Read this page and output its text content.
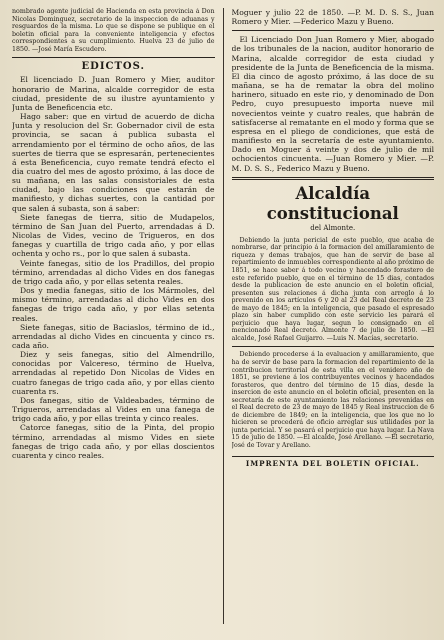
nombrado agente judicial de Hacienda en esta provincia á Don Nicolas Dominguez, secretario de la inspeccion de aduanas y resguardos de la misma. Lo que se dispone se publique en el boletin oficial para la conveniente inteligencia y efectos correspondientes a su cumplimiento. Huelva 23 de julio de 1850. —José María Escudero.

EDICTOS.

El licenciado D. Juan Romero y Mier, auditor honorario de Marina, alcalde corregidor de esta ciudad, presidente de su ilustre ayuntamiento y Junta de Beneficencia etc.

Hago saber: que en virtud de acuerdo de dicha Junta y resolucion del Sr. Gobernador civil de esta provincia, se sacan á publica subasta el arrendamiento por el término de ocho años, de las suertes de tierra que se espresarán, pertenecientes á esta Beneficencia, cuyo remate tendrá efecto el dia cuatro del mes de agosto próximo, á las doce de su mañana, en las salas consistoriales de esta ciudad, bajo las condiciones que estarán de manifiesto, y dichas suertes, con la cantidad por que salen á subasta, son á saber:

Siete fanegas de tierra, sitio de Mudapelos, término de San Juan del Puerto, arrendadas á D. Nicolas de Vides, vecino de Trigueros, en dos fanegas y cuartilla de trigo cada año, y por ellas ochenta y ocho rs., por lo que salen á subasta.

Veinte fanegas, sitio de los Pradillos, del propio término, arrendadas al dicho Vides en dos fanegas de trigo cada año, y por ellas setenta reales.

Dos y media fanegas, sitio de los Mármoles, del mismo término, arrendadas al dicho Vides en dos fanegas de trigo cada año, y por ellas setenta reales.

Siete fanegas, sitio de Baciaslos, término de id., arrendadas al dicho Vides en cincuenta y cinco rs. cada año.

Diez y seis fanegas, sitio del Almendrillo, conocidas por Valcereso, término de Huelva, arrendadas al repetido Don Nicolas de Vides en cuatro fanegas de trigo cada año, y por ellas ciento cuarenta rs.

Dos fanegas, sitio de Valdeabades, término de Trigueros, arrendadas al Vides en una fanega de trigo cada año, y por ellas treinta y cinco reales.

Catorce fanegas, sitio de la Pinta, del propio término, arrendadas al mismo Vides en siete fanegas de trigo cada año, y por ellas doscientos cuarenta y cinco reales.

Moguer y julio 22 de 1850. —P. M. D. S. S., Juan Romero y Mier. —Federico Mazu y Bueno.

El Licenciado Don Juan Romero y Mier, abogado de los tribunales de la nacion, auditor honorario de Marina, alcalde corregidor de esta ciudad y presidente de la Junta de Beneficencia de la misma. El dia cinco de agosto próximo, á las doce de su mañana, se ha de rematar la obra del molino harinero, situado en este rio, y denominado de Don Pedro, cuyo presupuesto importa nueve mil novecientos veinte y cuatro reales, que habrán de satisfacerse al rematante en el modo y forma que se espresa en el pliego de condiciones, que está de manifiesto en la secretaría de este ayuntamiento. Dado en Moguer á veinte y dos de julio de mil ochocientos cincuenta. —Juan Romero y Mier. —P. M. D. S. S., Federico Mazu y Bueno.

Alcaldía constitucional
del Almonte.

Debiendo la junta pericial de este pueblo, que acaba de nombrarse, dar principio á la formacion del amillaramiento de riqueza y demas trabajos, que han de servir de base al repartimiento de inmuebles correspondiente al año próximo de 1851, se hace saber á todo vecino y hacendado forastero de este referido pueblo, que en el término de 15 dias, contados desde la publicacion de este anuncio en el boletin oficial, presenten sus relaciones á dicha junta con arreglo á lo prevenido en los artículos 6 y 20 al 23 del Real decreto de 23 de mayo de 1845; en la inteligencia, que pasado el espresado plazo sin haber cumplido con este servicio les parará el perjuicio que haya lugar, segun lo consignado en el mencionado Real decreto. Almonte 7 de julio de 1850. —El alcalde, José Rafael Guijarro. —Luis N. Macías, secretario.

Debiendo procederse á la evaluacion y amillaramiento, que ha de servir de base para la formacion del repartimiento de la contribucion territorial de esta villa en el venidero año de 1851, se previene á los contribuyentes vecinos y hacendados forasteros, que dentro del término de 15 dias, desde la insercion de este anuncio en el boletin oficial, presenten en la secretaría de este ayuntamiento las relaciones prevenidas en el Real decreto de 23 de mayo de 1845 y Real instruccion de 6 de diciembre de 1849; en la inteligencia, que los que no lo hicieren se procederá de oficio arreglar sus utilidades por la junta pericial. Y se pasará el perjuicio que haya lugar. La Nava 15 de julio de 1850. —El alcalde, José Arellano. —El secretario, José de Tovar y Arellano.

IMPRENTA DEL BOLETIN OFICIAL.
